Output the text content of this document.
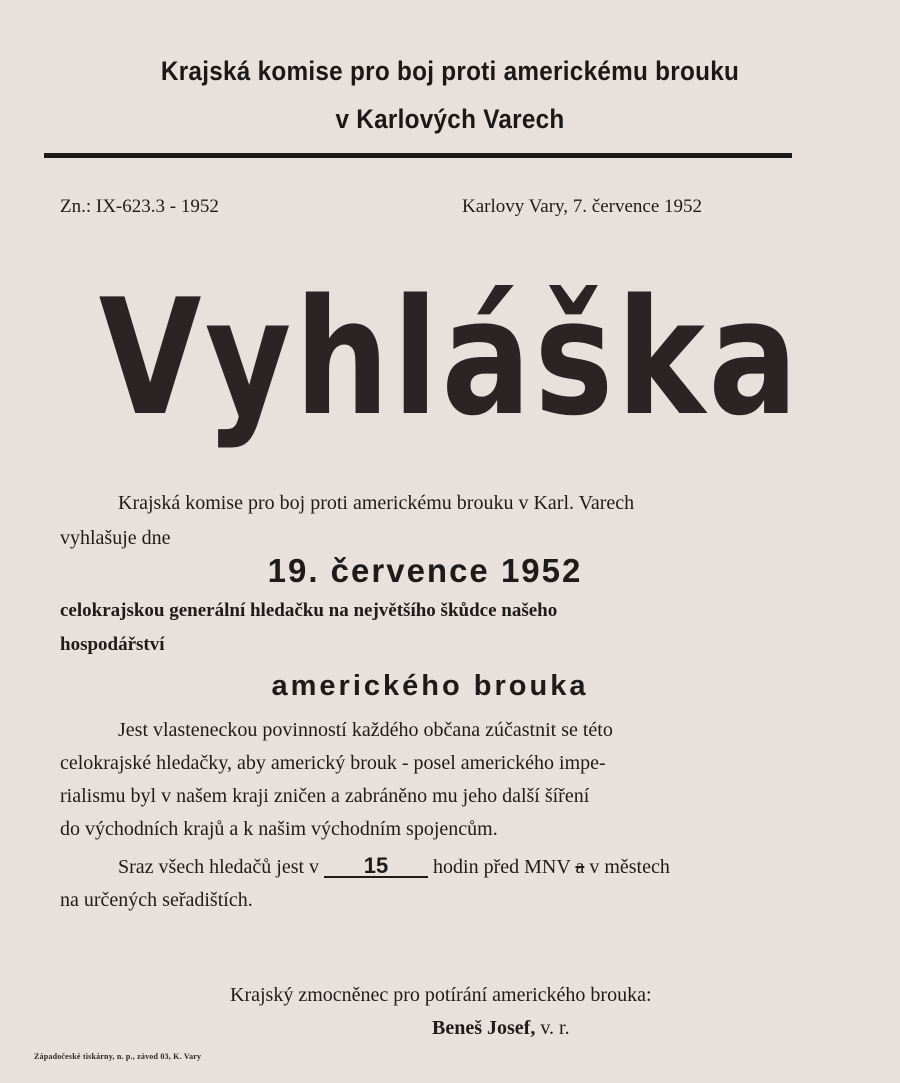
Krajská komise pro boj proti americkému brouku
v Karlových Varech
Zn.: IX-623.3 - 1952	Karlovy Vary, 7. července 1952
Vyhláška
Krajská komise pro boj proti americkému brouku v Karl. Varech
vyhlašuje dne
19. července 1952
celokrajskou generální hledačku na největšího škůdce našeho
hospodářství
amerického brouka
Jest vlasteneckou povinností každého občana zúčastnit se této
celokrajské hledačky, aby americký brouk - posel amerického impe-
rialismu byl v našem kraji zničen a zabráněno mu jeho další šíření
do východních krajů a k našim východním spojencům.
Sraz všech hledačů jest v 15 hodin před MNV a v městech
na určených seřadištích.
Krajský zmocněnec pro potírání amerického brouka:
Beneš Josef, v. r.
Západočeské tiskárny, n. p., závod 03, K. Vary
